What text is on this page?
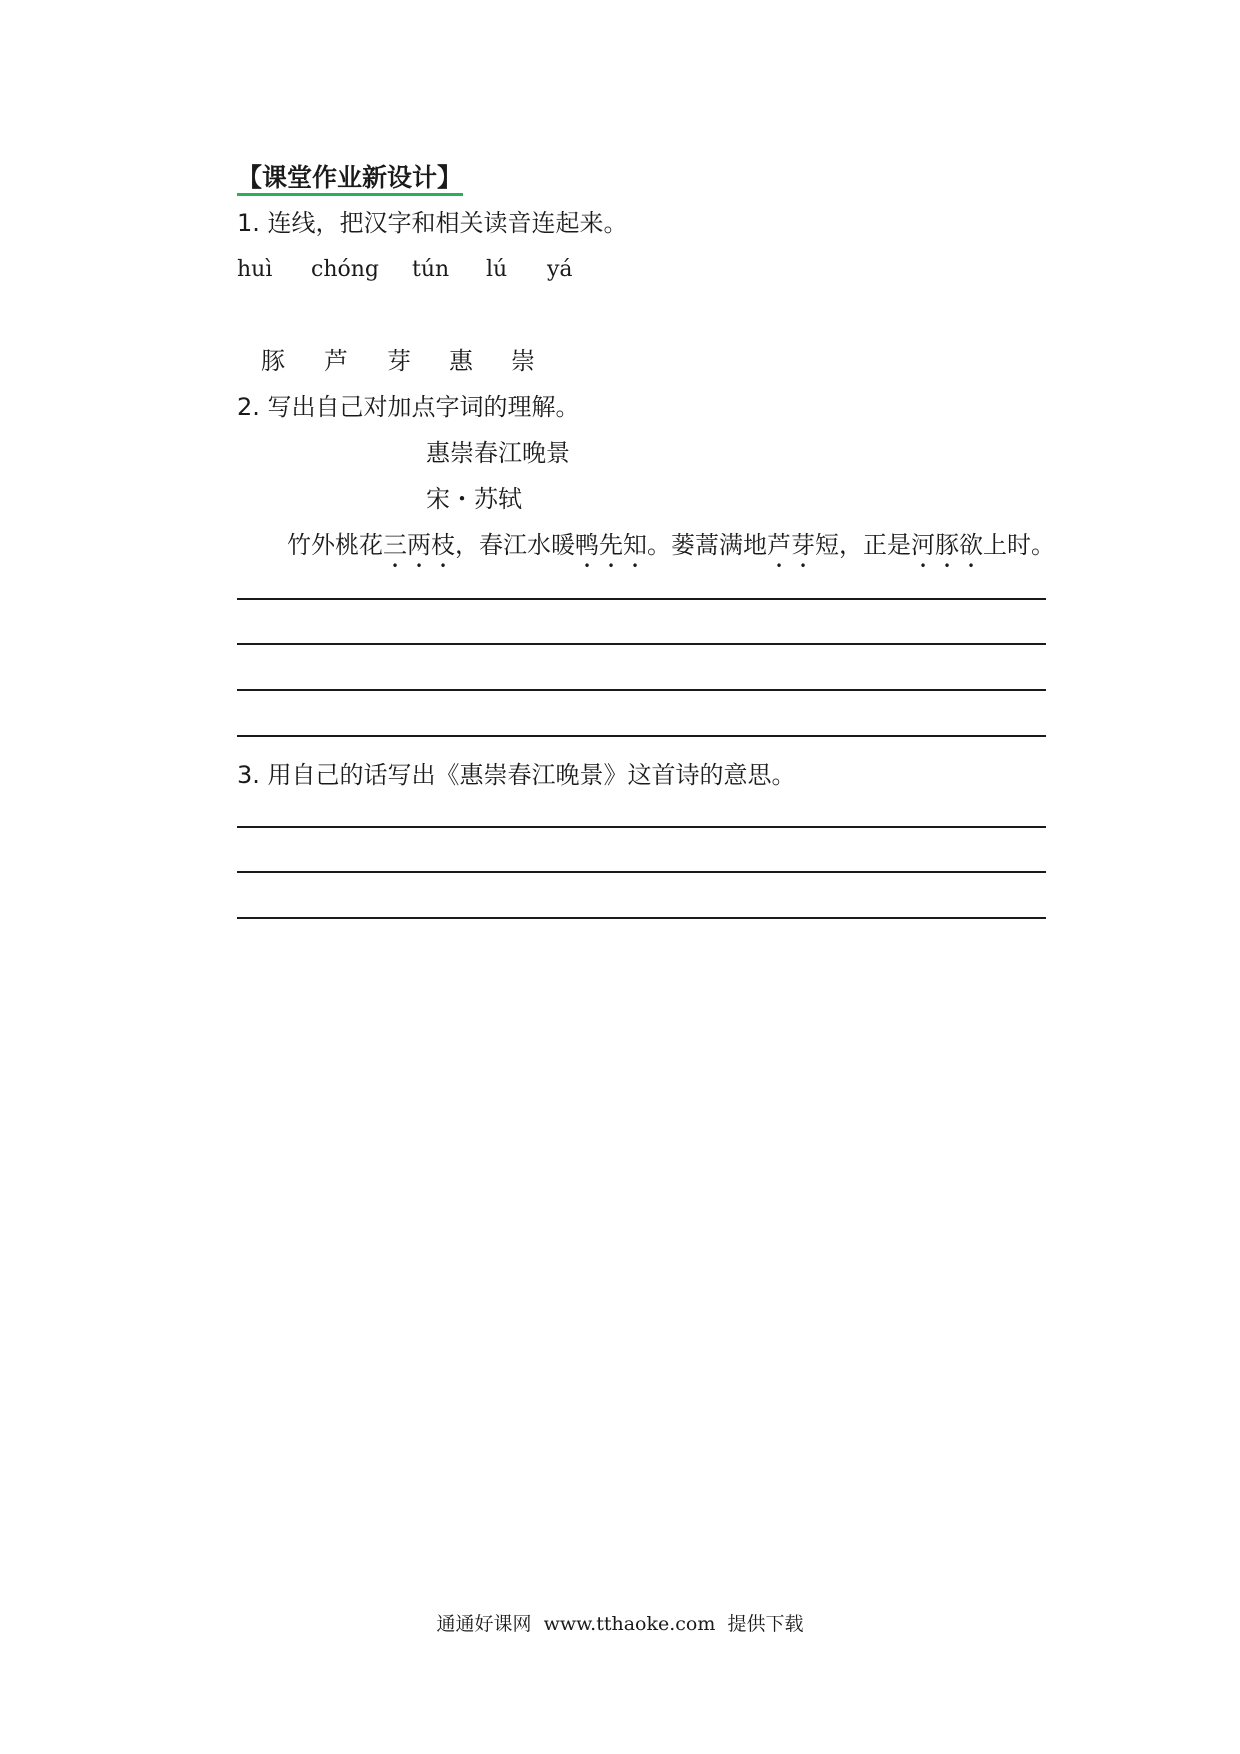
【课堂作业新设计】
1. 连线，把汉字和相关读音连起来。
huì chóng tún lú yá
豚 芦 芽 惠 崇
2. 写出自己对加点字词的理解。
惠崇春江晚景
宋・苏轼
竹外桃花三两枝，春江水暖鸭先知。蒌蒿满地芦芽短，正是河豚欲上时。
3. 用自己的话写出《惠崇春江晚景》这首诗的意思。
通通好课网 www.tthaoke.com 提供下载
